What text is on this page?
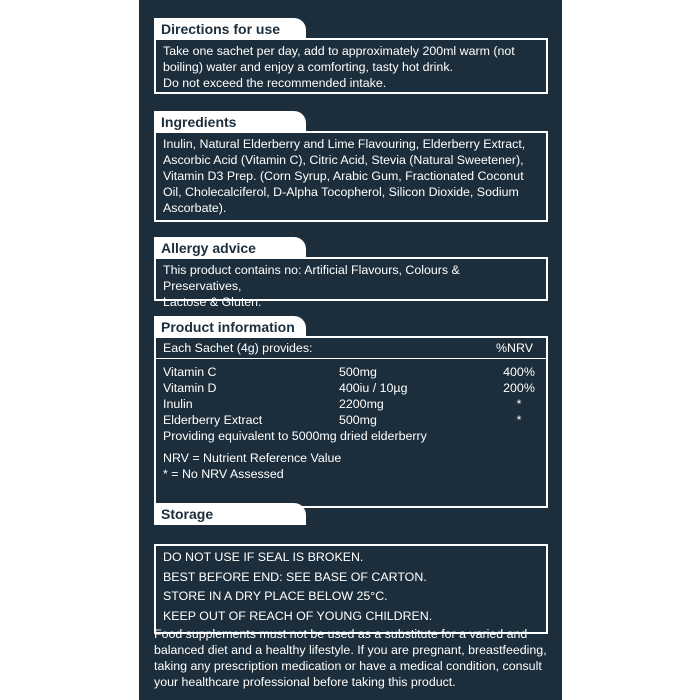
Directions for use

Take one sachet per day, add to approximately 200ml warm (not

boiling) water and enjoy a comforting, tasty hot drink.

Do not exceed the recommended intake.

Ingredients

Inulin, Natural Elderberry and Lime Flavouring, Elderberry Extract,

Ascorbic Acid (Vitamin C), Citric Acid, Stevia (Natural Sweetener),

Vitamin D3 Prep. (Corn Syrup, Arabic Gum, Fractionated Coconut

Oil, Cholecalciferol, D-Alpha Tocopherol, Silicon Dioxide, Sodium

Ascorbate).

Allergy advice

This product contains no: Artificial Flavours, Colours & Preservatives,

Lactose & Gluten.

Product information
Each Sachet (4g) provides:	%NRV
Vitamin C	500mg	400%
Vitamin D	400iu / 10µg	200%
Inulin	2200mg	*
Elderberry Extract	500mg	*

Providing equivalent to 5000mg dried elderberry

NRV = Nutrient Reference Value

* = No NRV Assessed

Storage instructions

DO NOT USE IF SEAL IS BROKEN.

BEST BEFORE END: SEE BASE OF CARTON.

STORE IN A DRY PLACE BELOW 25°C.

KEEP OUT OF REACH OF YOUNG CHILDREN.

Food supplements must not be used as a substitute for a varied and
balanced diet and a healthy lifestyle. If you are pregnant, breastfeeding,
taking any prescription medication or have a medical condition, consult
your healthcare professional before taking this product.
